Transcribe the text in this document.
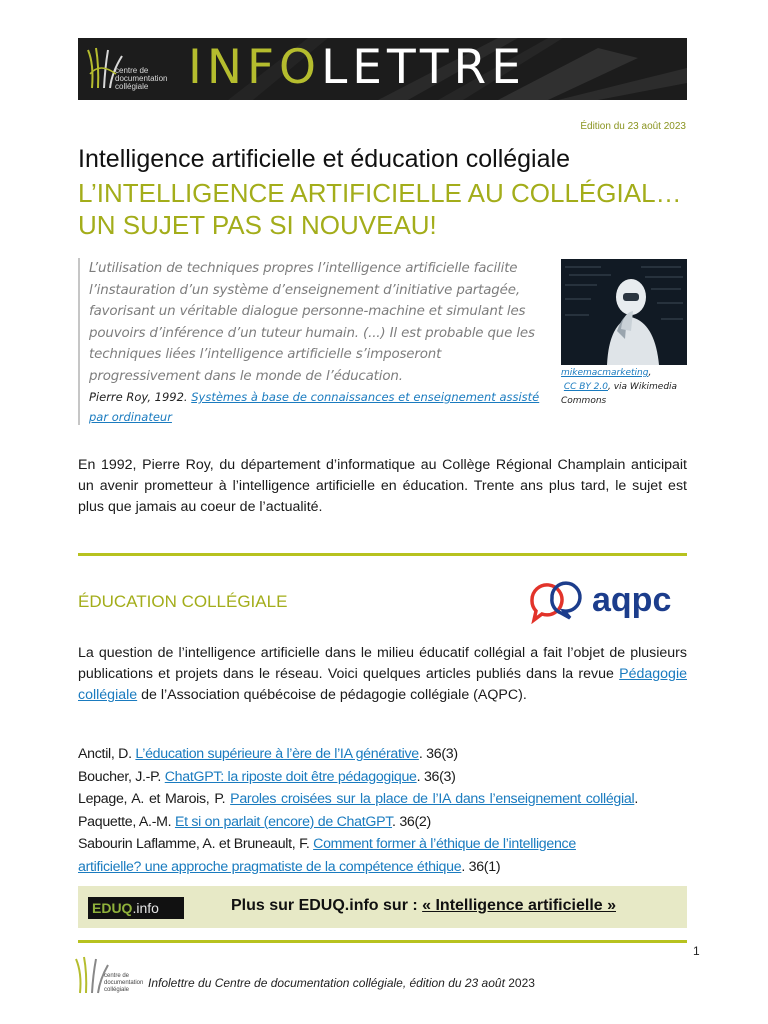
centre de
documentation
collégiale INFOLETTRE
Édition du 23 août 2023
Intelligence artificielle et éducation collégiale
L’INTELLIGENCE ARTIFICIELLE AU COLLÉGIAL… UN SUJET PAS SI NOUVEAU!
L’utilisation de techniques propres l’intelligence artificielle facilite l’instauration d’un système d’enseignement d’initiative partagée, favorisant un véritable dialogue personne-machine et simulant les pouvoirs d’inférence d’un tuteur humain. (...) Il est probable que les techniques liées l’intelligence artificielle s’imposeront progressivement dans le monde de l’éducation.
Pierre Roy, 1992. Systèmes à base de connaissances et enseignement assisté par ordinateur
mikemacmarketing,
CC BY 2.0, via Wikimedia Commons
En 1992, Pierre Roy, du département d’informatique au Collège Régional Champlain anticipait un avenir prometteur à l’intelligence artificielle en éducation. Trente ans plus tard, le sujet est plus que jamais au coeur de l’actualité.
ÉDUCATION COLLÉGIALE	aqpc
La question de l’intelligence artificielle dans le milieu éducatif collégial a fait l’objet de plusieurs publications et projets dans le réseau. Voici quelques articles publiés dans la revue Pédagogie collégiale de l’Association québécoise de pédagogie collégiale (AQPC).
Anctil, D. L’éducation supérieure à l’ère de l’IA générative. 36(3)
Boucher, J.-P. ChatGPT: la riposte doit être pédagogique. 36(3)
Lepage, A. et Marois, P. Paroles croisées sur la place de l’IA dans l’enseignement collégial. Paquette, A.-M. Et si on parlait (encore) de ChatGPT. 36(2)
Sabourin Laflamme, A. et Bruneault, F. Comment former à l’éthique de l’intelligence artificielle? une approche pragmatiste de la compétence éthique. 36(1)
EDUQ.info	Plus sur EDUQ.info sur : « Intelligence artificielle »
1
centre de
documentation
collégiale Infolettre du Centre de documentation collégiale, édition du 23 août 2023
